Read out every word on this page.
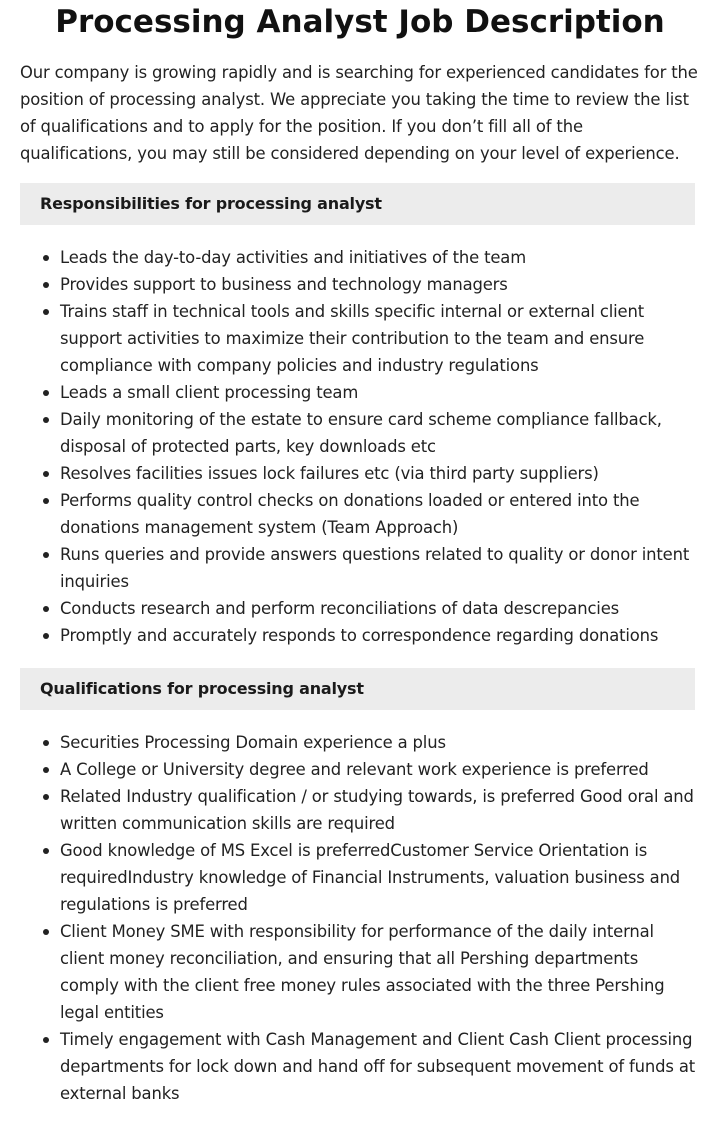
Processing Analyst Job Description

Our company is growing rapidly and is searching for experienced candidates for the position of processing analyst. We appreciate you taking the time to review the list of qualifications and to apply for the position. If you don’t fill all of the qualifications, you may still be considered depending on your level of experience.

Responsibilities for processing analyst
Leads the day-to-day activities and initiatives of the team
Provides support to business and technology managers
Trains staff in technical tools and skills specific internal or external client support activities to maximize their contribution to the team and ensure compliance with company policies and industry regulations
Leads a small client processing team
Daily monitoring of the estate to ensure card scheme compliance fallback, disposal of protected parts, key downloads etc
Resolves facilities issues lock failures etc (via third party suppliers)
Performs quality control checks on donations loaded or entered into the donations management system (Team Approach)
Runs queries and provide answers questions related to quality or donor intent inquiries
Conducts research and perform reconciliations of data descrepancies
Promptly and accurately responds to correspondence regarding donations
Qualifications for processing analyst
Securities Processing Domain experience a plus
A College or University degree and relevant work experience is preferred
Related Industry qualification / or studying towards, is preferred Good oral and written communication skills are required
Good knowledge of MS Excel is preferredCustomer Service Orientation is requiredIndustry knowledge of Financial Instruments, valuation business and regulations is preferred
Client Money SME with responsibility for performance of the daily internal client money reconciliation, and ensuring that all Pershing departments comply with the client free money rules associated with the three Pershing legal entities
Timely engagement with Cash Management and Client Cash Client processing departments for lock down and hand off for subsequent movement of funds at external banks
